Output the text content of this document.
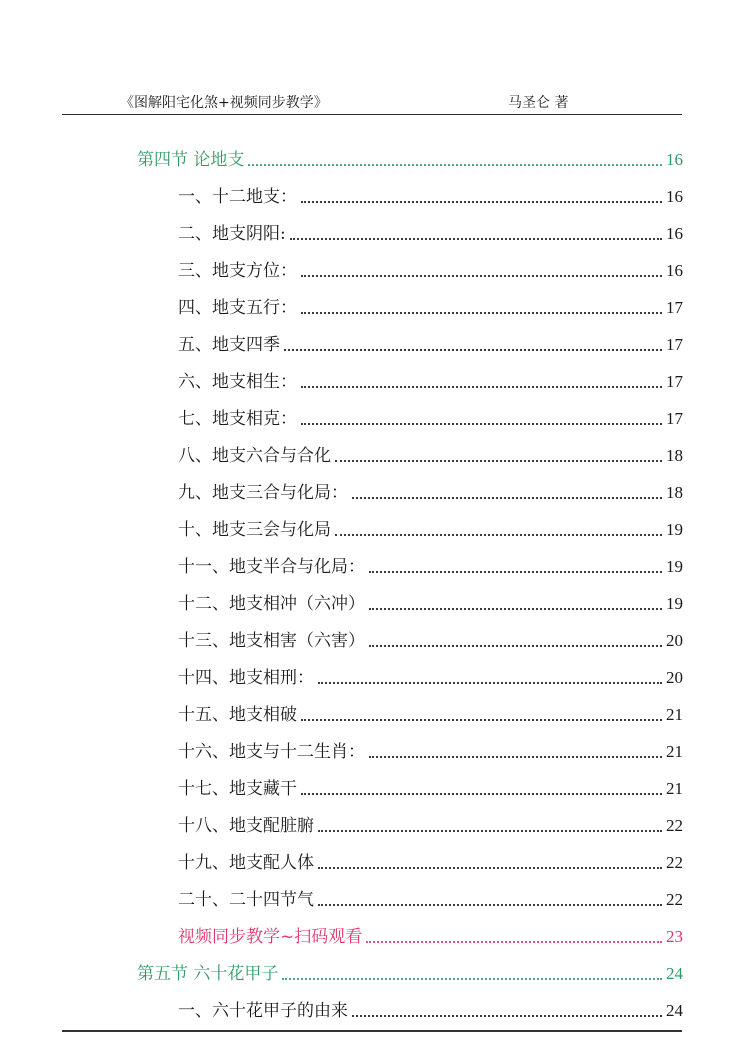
《图解阳宅化煞+视频同步教学》	马圣仑 著
第四节 论地支	16
一、十二地支：	16
二、地支阴阳:	16
三、地支方位：	16
四、地支五行：	17
五、地支四季	17
六、地支相生：	17
七、地支相克：	17
八、地支六合与合化	18
九、地支三合与化局：	18
十、地支三会与化局	19
十一、地支半合与化局：	19
十二、地支相冲（六冲）	19
十三、地支相害（六害）	20
十四、地支相刑：	20
十五、地支相破	21
十六、地支与十二生肖：	21
十七、地支藏干	21
十八、地支配脏腑	22
十九、地支配人体	22
二十、二十四节气	22
视频同步教学~扫码观看	23
第五节 六十花甲子	24
一、六十花甲子的由来	24
